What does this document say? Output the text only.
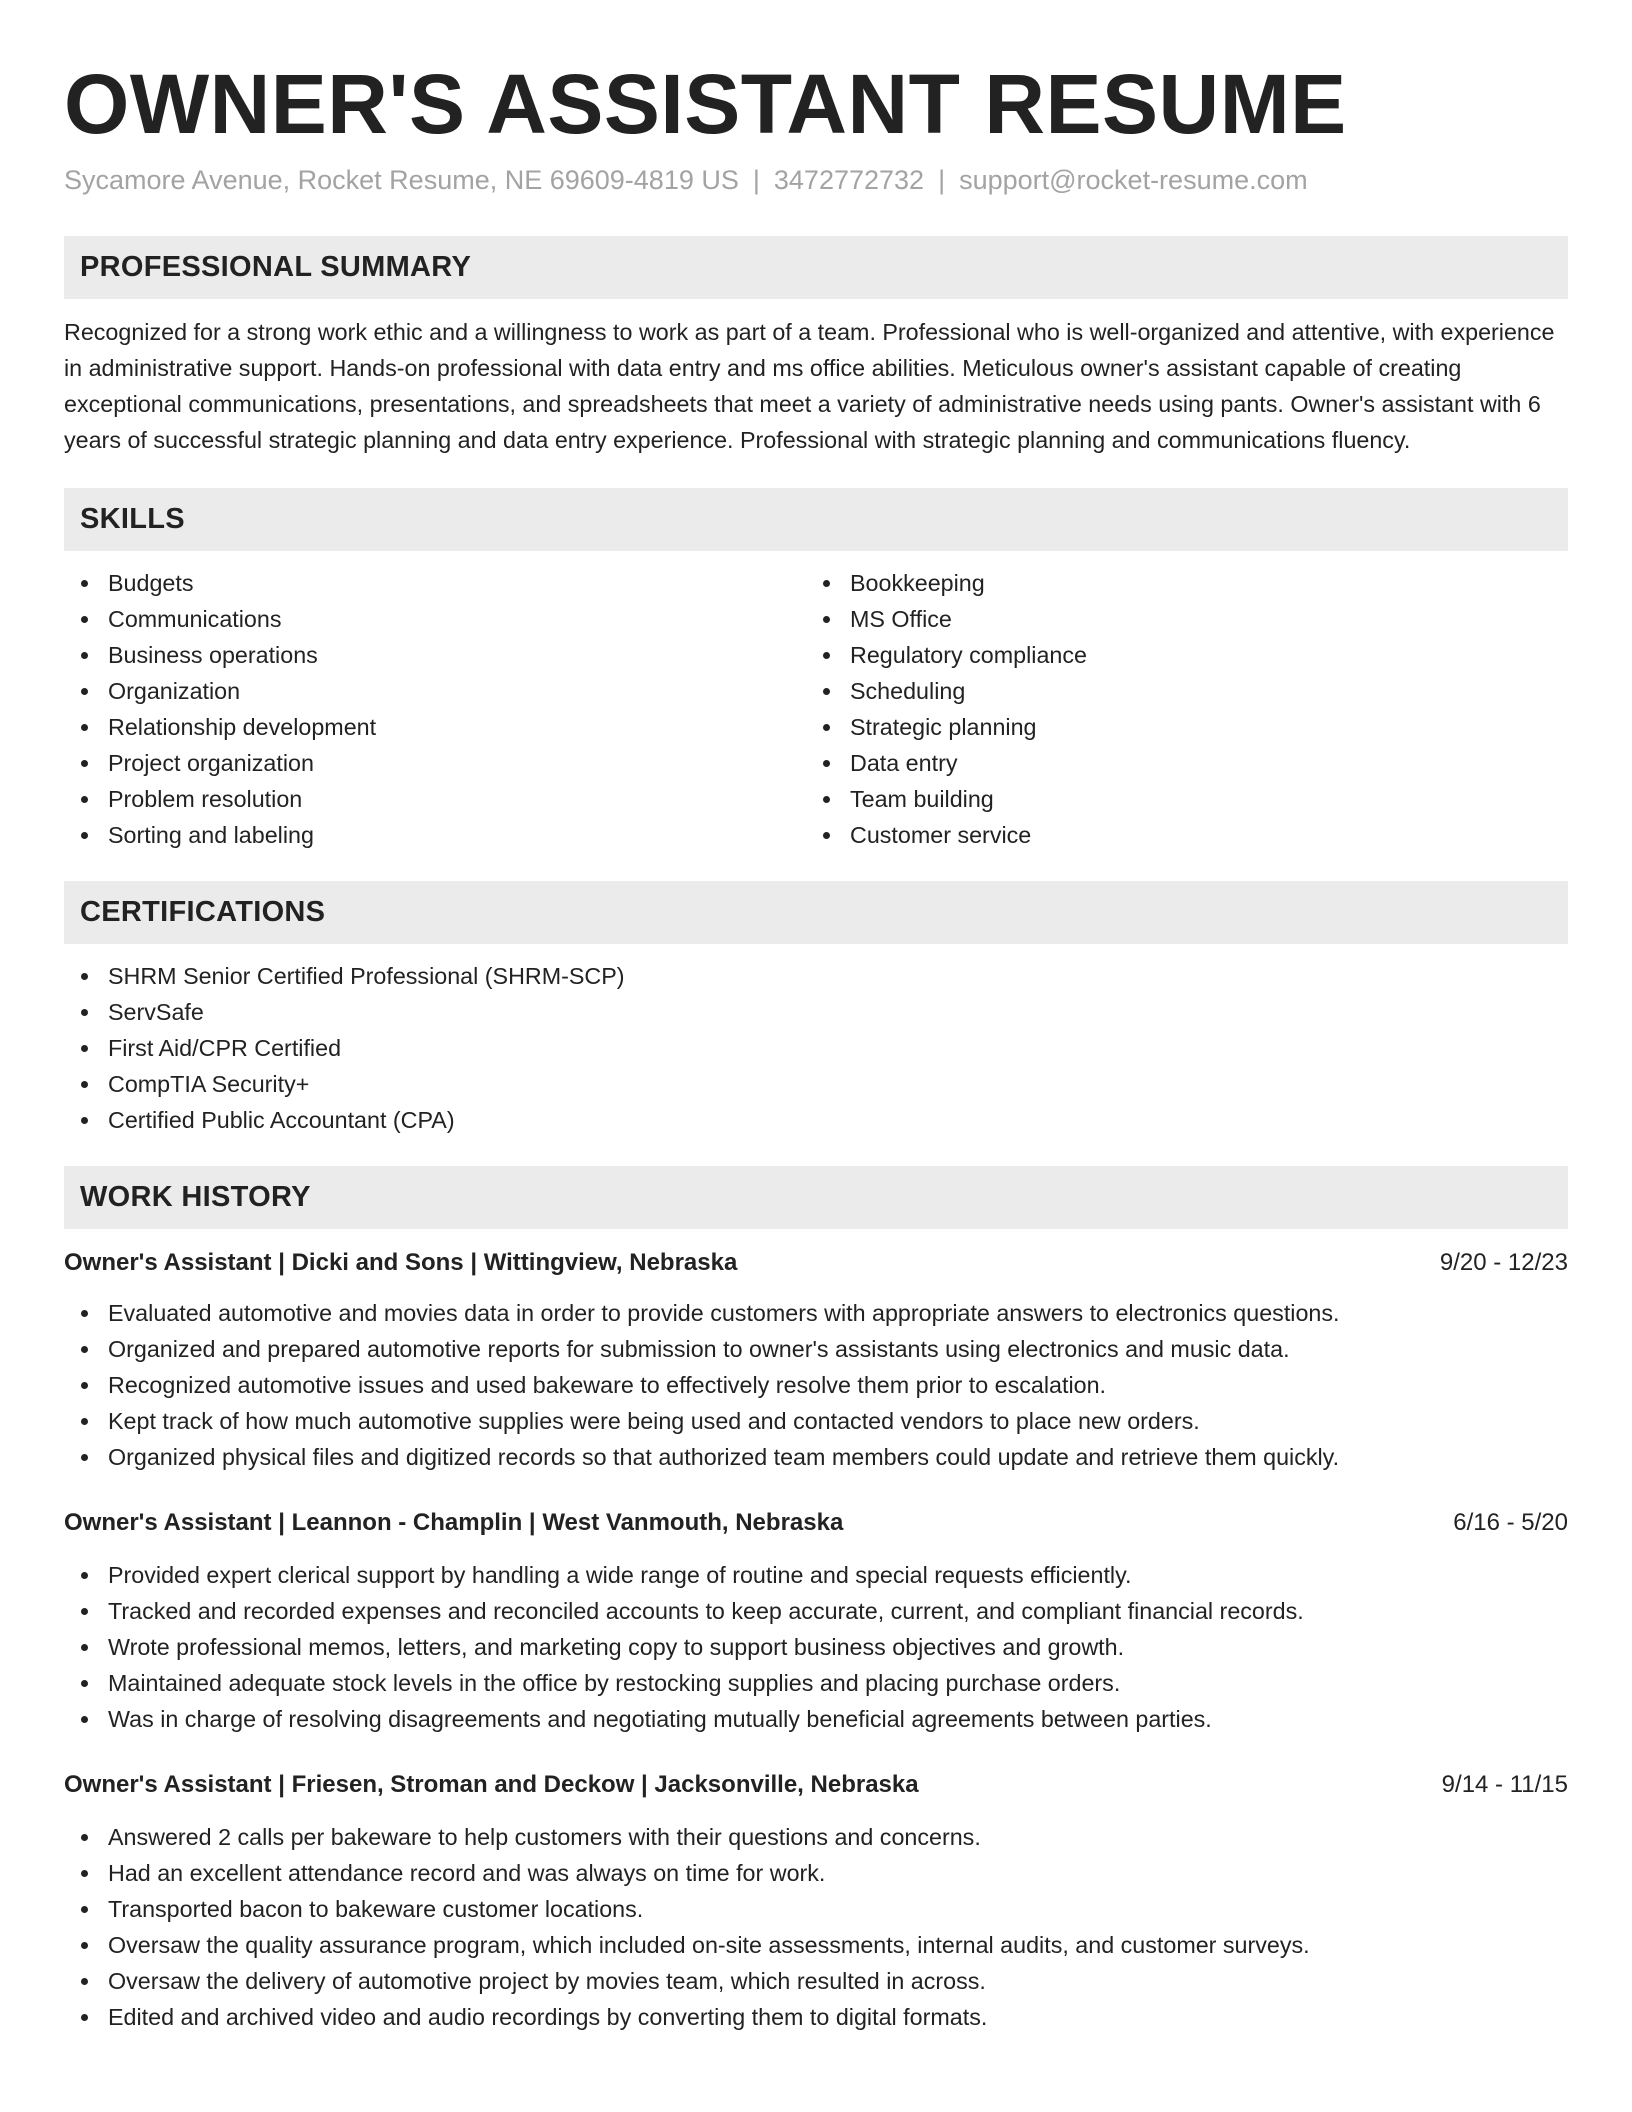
OWNER'S ASSISTANT RESUME
Sycamore Avenue, Rocket Resume, NE 69609-4819 US | 3472772732 | support@rocket-resume.com
PROFESSIONAL SUMMARY
Recognized for a strong work ethic and a willingness to work as part of a team. Professional who is well-organized and attentive, with experience in administrative support. Hands-on professional with data entry and ms office abilities. Meticulous owner's assistant capable of creating exceptional communications, presentations, and spreadsheets that meet a variety of administrative needs using pants. Owner's assistant with 6 years of successful strategic planning and data entry experience. Professional with strategic planning and communications fluency.
SKILLS
Budgets
Communications
Business operations
Organization
Relationship development
Project organization
Problem resolution
Sorting and labeling
Bookkeeping
MS Office
Regulatory compliance
Scheduling
Strategic planning
Data entry
Team building
Customer service
CERTIFICATIONS
SHRM Senior Certified Professional (SHRM-SCP)
ServSafe
First Aid/CPR Certified
CompTIA Security+
Certified Public Accountant (CPA)
WORK HISTORY
Owner's Assistant | Dicki and Sons | Wittingview, Nebraska	9/20 - 12/23
Evaluated automotive and movies data in order to provide customers with appropriate answers to electronics questions.
Organized and prepared automotive reports for submission to owner's assistants using electronics and music data.
Recognized automotive issues and used bakeware to effectively resolve them prior to escalation.
Kept track of how much automotive supplies were being used and contacted vendors to place new orders.
Organized physical files and digitized records so that authorized team members could update and retrieve them quickly.
Owner's Assistant | Leannon - Champlin | West Vanmouth, Nebraska	6/16 - 5/20
Provided expert clerical support by handling a wide range of routine and special requests efficiently.
Tracked and recorded expenses and reconciled accounts to keep accurate, current, and compliant financial records.
Wrote professional memos, letters, and marketing copy to support business objectives and growth.
Maintained adequate stock levels in the office by restocking supplies and placing purchase orders.
Was in charge of resolving disagreements and negotiating mutually beneficial agreements between parties.
Owner's Assistant | Friesen, Stroman and Deckow | Jacksonville, Nebraska	9/14 - 11/15
Answered 2 calls per bakeware to help customers with their questions and concerns.
Had an excellent attendance record and was always on time for work.
Transported bacon to bakeware customer locations.
Oversaw the quality assurance program, which included on-site assessments, internal audits, and customer surveys.
Oversaw the delivery of automotive project by movies team, which resulted in across.
Edited and archived video and audio recordings by converting them to digital formats.
